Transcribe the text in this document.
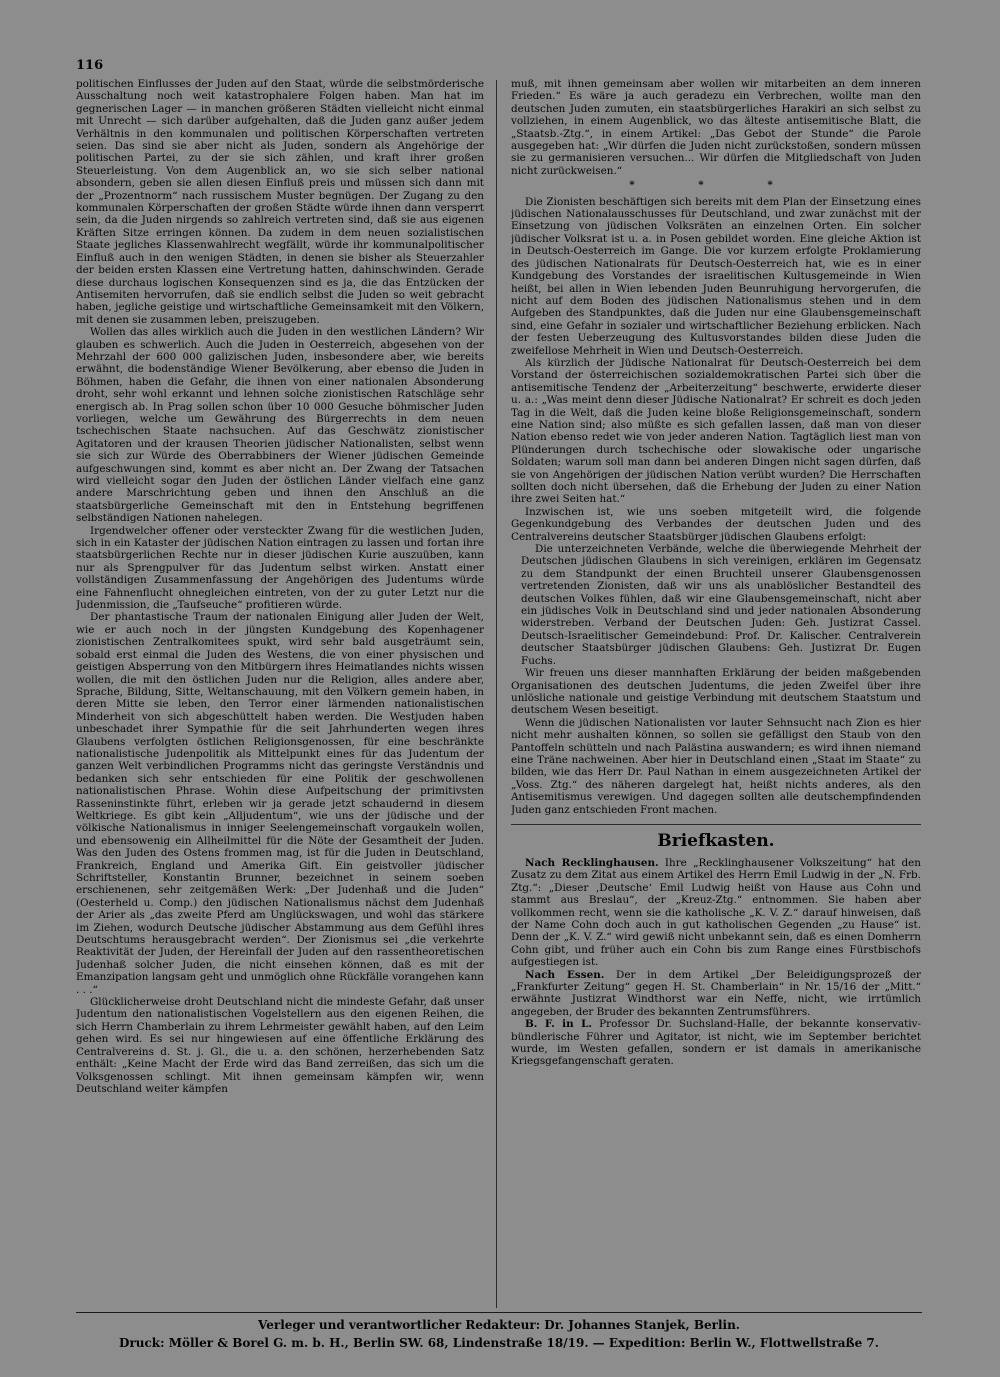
116

politischen Einflusses der Juden auf den Staat, würde die selbstmörderische Ausschaltung noch weit katastrophalere Folgen haben. Man hat im gegnerischen Lager — in manchen größeren Städten vielleicht nicht einmal mit Unrecht — sich darüber aufgehalten, daß die Juden ganz außer jedem Verhältnis in den kommunalen und politischen Körperschaften vertreten seien. Das sind sie aber nicht als Juden, sondern als Angehörige der politischen Partei, zu der sie sich zählen, und kraft ihrer großen Steuerleistung. Von dem Augenblick an, wo sie sich selber national absondern, geben sie allen diesen Einfluß preis und müssen sich dann mit der „Prozentnorm“ nach russischem Muster begnügen. Der Zugang zu den kommunalen Körperschaften der großen Städte würde ihnen dann versperrt sein, da die Juden nirgends so zahlreich vertreten sind, daß sie aus eigenen Kräften Sitze erringen können. Da zudem in dem neuen sozialistischen Staate jegliches Klassenwahlrecht wegfällt, würde ihr kommunalpolitischer Einfluß auch in den wenigen Städten, in denen sie bisher als Steuerzahler der beiden ersten Klassen eine Vertretung hatten, dahinschwinden. Gerade diese durchaus logischen Konsequenzen sind es ja, die das Entzücken der Antisemiten hervorrufen, daß sie endlich selbst die Juden so weit gebracht haben, jegliche geistige und wirtschaftliche Gemeinsamkeit mit den Völkern, mit denen sie zusammen leben, preiszugeben.

Wollen das alles wirklich auch die Juden in den westlichen Ländern? Wir glauben es schwerlich. Auch die Juden in Oesterreich, abgesehen von der Mehrzahl der 600 000 galizischen Juden, insbesondere aber, wie bereits erwähnt, die bodenständige Wiener Bevölkerung, aber ebenso die Juden in Böhmen, haben die Gefahr, die ihnen von einer nationalen Absonderung droht, sehr wohl erkannt und lehnen solche zionistischen Ratschläge sehr energisch ab. In Prag sollen schon über 10 000 Gesuche böhmischer Juden vorliegen, welche um Gewährung des Bürgerrechts in dem neuen tschechischen Staate nachsuchen. Auf das Geschwätz zionistischer Agitatoren und der krausen Theorien jüdischer Nationalisten, selbst wenn sie sich zur Würde des Oberrabbiners der Wiener jüdischen Gemeinde aufgeschwungen sind, kommt es aber nicht an. Der Zwang der Tatsachen wird vielleicht sogar den Juden der östlichen Länder vielfach eine ganz andere Marschrichtung geben und ihnen den Anschluß an die staatsbürgerliche Gemeinschaft mit den in Entstehung begriffenen selbständigen Nationen nahelegen.

Irgendwelcher offener oder versteckter Zwang für die westlichen Juden, sich in ein Kataster der jüdischen Nation eintragen zu lassen und fortan ihre staatsbürgerlichen Rechte nur in dieser jüdischen Kurie auszuüben, kann nur als Sprengpulver für das Judentum selbst wirken. Anstatt einer vollständigen Zusammenfassung der Angehörigen des Judentums würde eine Fahnenflucht ohnegleichen eintreten, von der zu guter Letzt nur die Judenmission, die „Taufseuche“ profitieren würde.

Der phantastische Traum der nationalen Einigung aller Juden der Welt, wie er auch noch in der jüngsten Kundgebung des Kopenhagener zionistischen Zentralkomitees spukt, wird sehr bald ausgeträumt sein, sobald erst einmal die Juden des Westens, die von einer physischen und geistigen Absperrung von den Mitbürgern ihres Heimatlandes nichts wissen wollen, die mit den östlichen Juden nur die Religion, alles andere aber, Sprache, Bildung, Sitte, Weltanschauung, mit den Völkern gemein haben, in deren Mitte sie leben, den Terror einer lärmenden nationalistischen Minderheit von sich abgeschüttelt haben werden. Die Westjuden haben unbeschadet ihrer Sympathie für die seit Jahrhunderten wegen ihres Glaubens verfolgten östlichen Religionsgenossen, für eine beschränkte nationalistische Judenpolitik als Mittelpunkt eines für das Judentum der ganzen Welt verbindlichen Programms nicht das geringste Verständnis und bedanken sich sehr entschieden für eine Politik der geschwollenen nationalistischen Phrase. Wohin diese Aufpeitschung der primitivsten Rasseninstinkte führt, erleben wir ja gerade jetzt schaudernd in diesem Weltkriege. Es gibt kein „Alljudentum“, wie uns der jüdische und der völkische Nationalismus in inniger Seelengemeinschaft vorgaukeln wollen, und ebensowenig ein Allheilmittel für die Nöte der Gesamtheit der Juden. Was den Juden des Ostens frommen mag, ist für die Juden in Deutschland, Frankreich, England und Amerika Gift. Ein geistvoller jüdischer Schriftsteller, Konstantin Brunner, bezeichnet in seinem soeben erschienenen, sehr zeitgemäßen Werk: „Der Judenhaß und die Juden“ (Oesterheld u. Comp.) den jüdischen Nationalismus nächst dem Judenhaß der Arier als „das zweite Pferd am Unglückswagen, und wohl das stärkere im Ziehen, wodurch Deutsche jüdischer Abstammung aus dem Gefühl ihres Deutschtums herausgebracht werden“. Der Zionismus sei „die verkehrte Reaktivität der Juden, der Hereinfall der Juden auf den rassentheoretischen Judenhaß solcher Juden, die nicht einsehen können, daß es mit der Emanzipation langsam geht und unmöglich ohne Rückfälle vorangehen kann . . .“

Glücklicherweise droht Deutschland nicht die mindeste Gefahr, daß unser Judentum den nationalistischen Vogelstellern aus den eigenen Reihen, die sich Herrn Chamberlain zu ihrem Lehrmeister gewählt haben, auf den Leim gehen wird. Es sei nur hingewiesen auf eine öffentliche Erklärung des Centralvereins d. St. j. Gl., die u. a. den schönen, herzerhebenden Satz enthält: „Keine Macht der Erde wird das Band zerreißen, das sich um die Volksgenossen schlingt. Mit ihnen gemeinsam kämpfen wir, wenn Deutschland weiter kämpfen

muß, mit ihnen gemeinsam aber wollen wir mitarbeiten an dem inneren Frieden.“ Es wäre ja auch geradezu ein Verbrechen, wollte man den deutschen Juden zumuten, ein staatsbürgerliches Harakiri an sich selbst zu vollziehen, in einem Augenblick, wo das älteste antisemitische Blatt, die „Staatsb.-Ztg.“, in einem Artikel: „Das Gebot der Stunde“ die Parole ausgegeben hat: „Wir dürfen die Juden nicht zurückstoßen, sondern müssen sie zu germanisieren versuchen... Wir dürfen die Mitgliedschaft von Juden nicht zurückweisen.“

* * *

Die Zionisten beschäftigen sich bereits mit dem Plan der Einsetzung eines jüdischen Nationalausschusses für Deutschland, und zwar zunächst mit der Einsetzung von jüdischen Volksräten an einzelnen Orten. Ein solcher jüdischer Volksrat ist u. a. in Posen gebildet worden. Eine gleiche Aktion ist in Deutsch-Oesterreich im Gange. Die vor kurzem erfolgte Proklamierung des jüdischen Nationalrats für Deutsch-Oesterreich hat, wie es in einer Kundgebung des Vorstandes der israelitischen Kultusgemeinde in Wien heißt, bei allen in Wien lebenden Juden Beunruhigung hervorgerufen, die nicht auf dem Boden des jüdischen Nationalismus stehen und in dem Aufgeben des Standpunktes, daß die Juden nur eine Glaubensgemeinschaft sind, eine Gefahr in sozialer und wirtschaftlicher Beziehung erblicken. Nach der festen Ueberzeugung des Kultusvorstandes bilden diese Juden die zweifellose Mehrheit in Wien und Deutsch-Oesterreich.

Als kürzlich der Jüdische Nationalrat für Deutsch-Oesterreich bei dem Vorstand der österreichischen sozialdemokratischen Partei sich über die antisemitische Tendenz der „Arbeiterzeitung“ beschwerte, erwiderte dieser u. a.: „Was meint denn dieser Jüdische Nationalrat? Er schreit es doch jeden Tag in die Welt, daß die Juden keine bloße Religionsgemeinschaft, sondern eine Nation sind; also müßte es sich gefallen lassen, daß man von dieser Nation ebenso redet wie von jeder anderen Nation. Tagtäglich liest man von Plünderungen durch tschechische oder slowakische oder ungarische Soldaten; warum soll man dann bei anderen Dingen nicht sagen dürfen, daß sie von Angehörigen der jüdischen Nation verübt wurden? Die Herrschaften sollten doch nicht übersehen, daß die Erhebung der Juden zu einer Nation ihre zwei Seiten hat.“

Inzwischen ist, wie uns soeben mitgeteilt wird, die folgende Gegenkundgebung des Verbandes der deutschen Juden und des Centralvereins deutscher Staatsbürger jüdischen Glaubens erfolgt:

Die unterzeichneten Verbände, welche die überwiegende Mehrheit der Deutschen jüdischen Glaubens in sich vereinigen, erklären im Gegensatz zu dem Standpunkt der einen Bruchteil unserer Glaubensgenossen vertretenden Zionisten, daß wir uns als unablöslicher Bestandteil des deutschen Volkes fühlen, daß wir eine Glaubensgemeinschaft, nicht aber ein jüdisches Volk in Deutschland sind und jeder nationalen Absonderung widerstreben. Verband der Deutschen Juden: Geh. Justizrat Cassel. Deutsch-Israelitischer Gemeindebund: Prof. Dr. Kalischer. Centralverein deutscher Staatsbürger jüdischen Glaubens: Geh. Justizrat Dr. Eugen Fuchs.

Wir freuen uns dieser mannhaften Erklärung der beiden maßgebenden Organisationen des deutschen Judentums, die jeden Zweifel über ihre unlösliche nationale und geistige Verbindung mit deutschem Staatstum und deutschem Wesen beseitigt.

Wenn die jüdischen Nationalisten vor lauter Sehnsucht nach Zion es hier nicht mehr aushalten können, so sollen sie gefälligst den Staub von den Pantoffeln schütteln und nach Palästina auswandern; es wird ihnen niemand eine Träne nachweinen. Aber hier in Deutschland einen „Staat im Staate“ zu bilden, wie das Herr Dr. Paul Nathan in einem ausgezeichneten Artikel der „Voss. Ztg.“ des näheren dargelegt hat, heißt nichts anderes, als den Antisemitismus verewigen. Und dagegen sollten alle deutschempfindenden Juden ganz entschieden Front machen.

Briefkasten.

Nach Recklinghausen. Ihre „Recklinghausener Volkszeitung“ hat den Zusatz zu dem Zitat aus einem Artikel des Herrn Emil Ludwig in der „N. Frb. Ztg.“: „Dieser ‚Deutsche‘ Emil Ludwig heißt von Hause aus Cohn und stammt aus Breslau“, der „Kreuz-Ztg.“ entnommen. Sie haben aber vollkommen recht, wenn sie die katholische „K. V. Z.“ darauf hinweisen, daß der Name Cohn doch auch in gut katholischen Gegenden „zu Hause“ ist. Denn der „K. V. Z.“ wird gewiß nicht unbekannt sein, daß es einen Domherrn Cohn gibt, und früher auch ein Cohn bis zum Range eines Fürstbischofs aufgestiegen ist.

Nach Essen. Der in dem Artikel „Der Beleidigungsprozeß der „Frankfurter Zeitung“ gegen H. St. Chamberlain“ in Nr. 15/16 der „Mitt.“ erwähnte Justizrat Windthorst war ein Neffe, nicht, wie irrtümlich angegeben, der Bruder des bekannten Zentrumsführers.

B. F. in L. Professor Dr. Suchsland-Halle, der bekannte konservativ-bündlerische Führer und Agitator, ist nicht, wie im September berichtet wurde, im Westen gefallen, sondern er ist damals in amerikanische Kriegsgefangenschaft geraten.

Verleger und verantwortlicher Redakteur: Dr. Johannes Stanjek, Berlin.
Druck: Möller & Borel G. m. b. H., Berlin SW. 68, Lindenstraße 18/19. — Expedition: Berlin W., Flottwellstraße 7.
